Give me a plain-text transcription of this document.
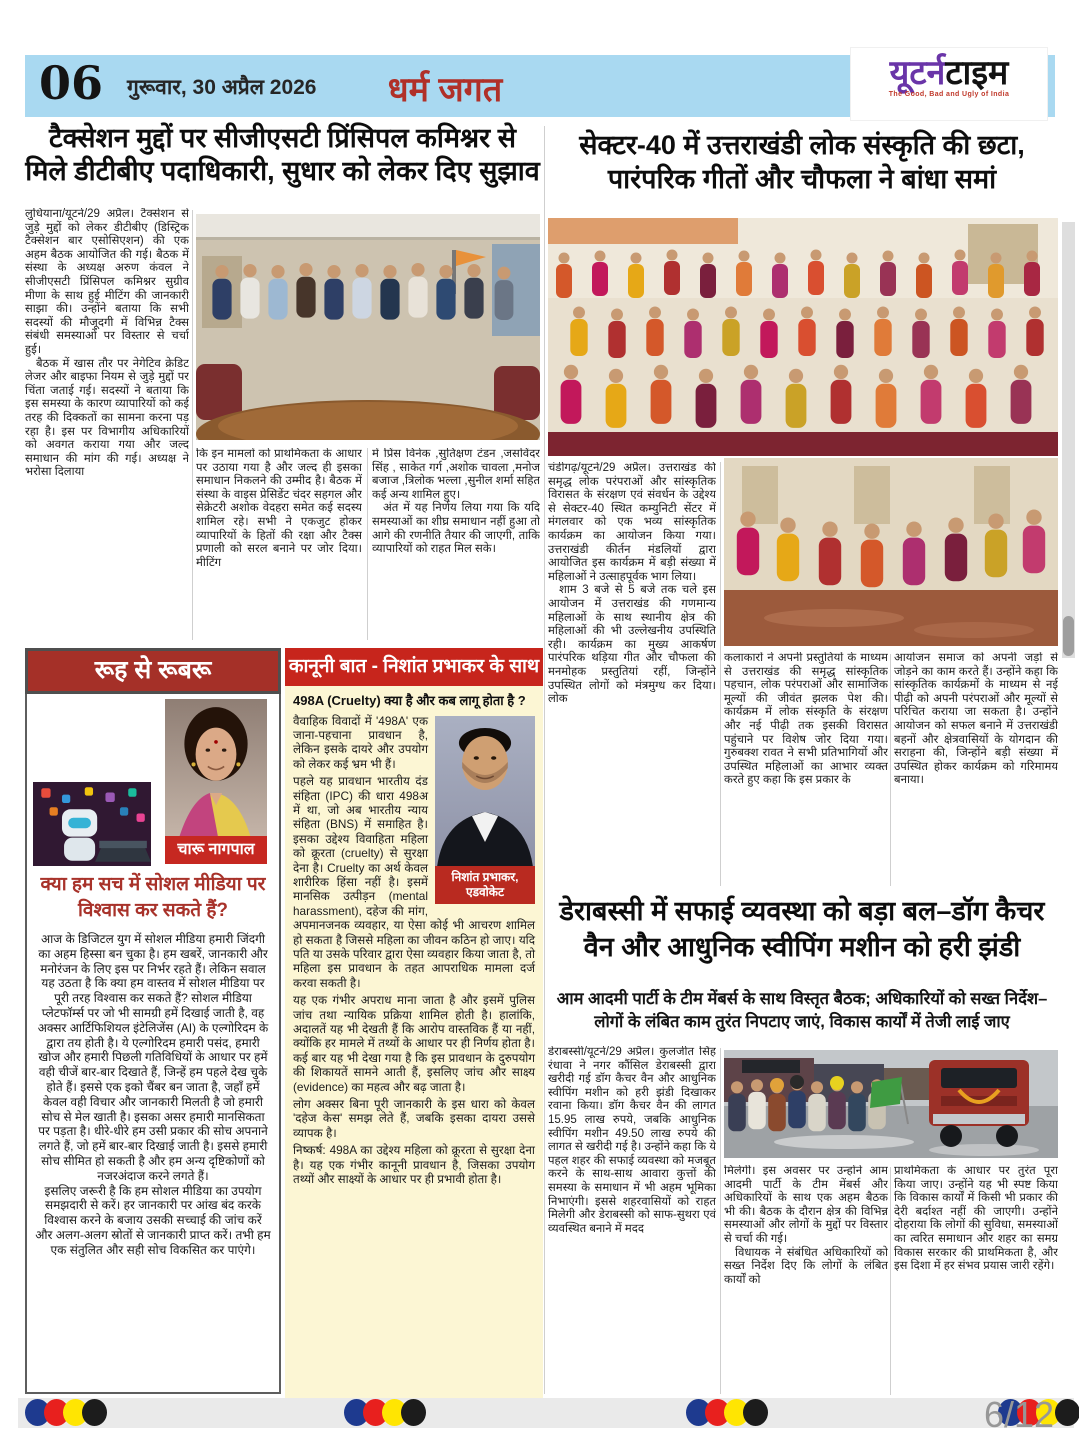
06 गुरूवार, 30 अप्रैल 2026	धर्म जगत	यूटर्नटाइम
The Good, Bad and Ugly of India
टैक्सेशन मुद्दों पर सीजीएसटी प्रिंसिपल कमिश्नर से मिले डीटीबीए पदाधिकारी, सुधार को लेकर दिए सुझाव

लुधियाना/यूटर्न/29 अप्रैल। टैक्सेशन से जुड़े मुद्दों को लेकर डीटीबीए (डिस्ट्रिक टैक्सेशन बार एसोसिएशन) की एक अहम बैठक आयोजित की गई। बैठक में संस्था के अध्यक्ष अरुण कंवल ने सीजीएसटी प्रिंसिपल कमिश्नर सुग्रीव मीणा के साथ हुई मीटिंग की जानकारी साझा की। उन्होंने बताया कि सभी सदस्यों की मौजूदगी में विभिन्न टैक्स संबंधी समस्याओं पर विस्तार से चर्चा हुई।

बैठक में खास तौर पर नेगेटिव क्रेडिट लेजर और बाइफा नियम से जुड़े मुद्दों पर चिंता जताई गई। सदस्यों ने बताया कि इस समस्या के कारण व्यापारियों को कई तरह की दिक्कतों का सामना करना पड़ रहा है। इस पर विभागीय अधिकारियों को अवगत कराया गया और जल्द समाधान की मांग की गई। अध्यक्ष ने भरोसा दिलाया

कि इन मामलों को प्राथमिकता के आधार पर उठाया गया है और जल्द ही इसका समाधान निकलने की उम्मीद है। बैठक में संस्था के वाइस प्रेसिडेंट चंदर सहगल और सेक्रेटरी अशोक वेदहरा समेत कई सदस्य शामिल रहे। सभी ने एकजुट होकर व्यापारियों के हितों की रक्षा और टैक्स प्रणाली को सरल बनाने पर जोर दिया। मीटिंग

में प्रिंस विनेक ,सुतिक्षण टंडन ,जसविंदर सिंह , साकेत गर्ग ,अशोक चावला ,मनोज बजाज ,त्रिलोक भल्ला ,सुनील शर्मा सहित कई अन्य शामिल हुए।

अंत में यह निर्णय लिया गया कि यदि समस्याओं का शीघ्र समाधान नहीं हुआ तो आगे की रणनीति तैयार की जाएगी, ताकि व्यापारियों को राहत मिल सके।

सेक्टर-40 में उत्तराखंडी लोक संस्कृति की छटा, पारंपरिक गीतों और चौफला ने बांधा समां

चंडीगढ़/यूटर्न/29 अप्रैल। उत्तराखंड की समृद्ध लोक परंपराओं और सांस्कृतिक विरासत के संरक्षण एवं संवर्धन के उद्देश्य से सेक्टर-40 स्थित कम्युनिटी सेंटर में मंगलवार को एक भव्य सांस्कृतिक कार्यक्रम का आयोजन किया गया। उत्तराखंडी कीर्तन मंडलियों द्वारा आयोजित इस कार्यक्रम में बड़ी संख्या में महिलाओं ने उत्साहपूर्वक भाग लिया।

शाम 3 बजे से 5 बजे तक चले इस आयोजन में उत्तराखंड की गणमान्य महिलाओं के साथ स्थानीय क्षेत्र की महिलाओं की भी उल्लेखनीय उपस्थिति रही। कार्यक्रम का मुख्य आकर्षण पारंपरिक थड़िया गीत और चौफला की मनमोहक प्रस्तुतियां रहीं, जिन्होंने उपस्थित लोगों को मंत्रमुग्ध कर दिया। लोक

कलाकारों ने अपनी प्रस्तुतियों के माध्यम से उत्तराखंड की समृद्ध सांस्कृतिक पहचान, लोक परंपराओं और सामाजिक मूल्यों की जीवंत झलक पेश की। कार्यक्रम में लोक संस्कृति के संरक्षण और नई पीढ़ी तक इसकी विरासत पहुंचाने पर विशेष जोर दिया गया। गुरुबक्श रावत ने सभी प्रतिभागियों और उपस्थित महिलाओं का आभार व्यक्त करते हुए कहा कि इस प्रकार के

आयोजन समाज को अपनी जड़ों से जोड़ने का काम करते हैं। उन्होंने कहा कि सांस्कृतिक कार्यक्रमों के माध्यम से नई पीढ़ी को अपनी परंपराओं और मूल्यों से परिचित कराया जा सकता है। उन्होंने आयोजन को सफल बनाने में उत्तराखंडी बहनों और क्षेत्रवासियों के योगदान की सराहना की, जिन्होंने बड़ी संख्या में उपस्थित होकर कार्यक्रम को गरिमामय बनाया।

रूह से रूबरू
चारू नागपाल
क्या हम सच में सोशल मीडिया पर विश्वास कर सकते हैं?

आज के डिजिटल युग में सोशल मीडिया हमारी जिंदगी का अहम हिस्सा बन चुका है। हम खबरें, जानकारी और मनोरंजन के लिए इस पर निर्भर रहते हैं। लेकिन सवाल यह उठता है कि क्या हम वास्तव में सोशल मीडिया पर पूरी तरह विश्वास कर सकते हैं? सोशल मीडिया प्लेटफॉर्म्स पर जो भी सामग्री हमें दिखाई जाती है, वह अक्सर आर्टिफिशियल इंटेलिजेंस (AI) के एल्गोरिदम के द्वारा तय होती है। ये एल्गोरिदम हमारी पसंद, हमारी खोज और हमारी पिछली गतिविधियों के आधार पर हमें वही चीजें बार-बार दिखाते हैं, जिन्हें हम पहले देख चुके होते हैं। इससे एक इको चैंबर बन जाता है, जहाँ हमें केवल वही विचार और जानकारी मिलती है जो हमारी सोच से मेल खाती है। इसका असर हमारी मानसिकता पर पड़ता है। धीरे-धीरे हम उसी प्रकार की सोच अपनाने लगते हैं, जो हमें बार-बार दिखाई जाती है। इससे हमारी सोच सीमित हो सकती है और हम अन्य दृष्टिकोणों को नजरअंदाज करने लगते हैं।

इसलिए जरूरी है कि हम सोशल मीडिया का उपयोग समझदारी से करें। हर जानकारी पर आंख बंद करके विश्वास करने के बजाय उसकी सच्चाई की जांच करें और अलग-अलग स्रोतों से जानकारी प्राप्त करें। तभी हम एक संतुलित और सही सोच विकसित कर पाएंगे।

कानूनी बात - निशांत प्रभाकर के साथ
498A (Cruelty) क्या है और कब लागू होता है ?
निशांत प्रभाकर, एडवोकेट

वैवाहिक विवादों में '498A' एक जाना-पहचाना प्रावधान है, लेकिन इसके दायरे और उपयोग को लेकर कई भ्रम भी हैं।

पहले यह प्रावधान भारतीय दंड संहिता (IPC) की धारा 498अ में था, जो अब भारतीय न्याय संहिता (BNS) में समाहित है। इसका उद्देश्य विवाहिता महिला को क्रूरता (cruelty) से सुरक्षा देना है। Cruelty का अर्थ केवल शारीरिक हिंसा नहीं है। इसमें मानसिक उत्पीड़न (mental harassment), दहेज की मांग, अपमानजनक व्यवहार, या ऐसा कोई भी आचरण शामिल हो सकता है जिससे महिला का जीवन कठिन हो जाए। यदि पति या उसके परिवार द्वारा ऐसा व्यवहार किया जाता है, तो महिला इस प्रावधान के तहत आपराधिक मामला दर्ज करवा सकती है।

यह एक गंभीर अपराध माना जाता है और इसमें पुलिस जांच तथा न्यायिक प्रक्रिया शामिल होती है। हालांकि, अदालतें यह भी देखती हैं कि आरोप वास्तविक हैं या नहीं, क्योंकि हर मामले में तथ्यों के आधार पर ही निर्णय होता है। कई बार यह भी देखा गया है कि इस प्रावधान के दुरुपयोग की शिकायतें सामने आती हैं, इसलिए जांच और साक्ष्य (evidence) का महत्व और बढ़ जाता है।

लोग अक्सर बिना पूरी जानकारी के इस धारा को केवल 'दहेज केस' समझ लेते हैं, जबकि इसका दायरा उससे व्यापक है।

निष्कर्ष: 498A का उद्देश्य महिला को क्रूरता से सुरक्षा देना है। यह एक गंभीर कानूनी प्रावधान है, जिसका उपयोग तथ्यों और साक्ष्यों के आधार पर ही प्रभावी होता है।

डेराबस्सी में सफाई व्यवस्था को बड़ा बल–डॉग कैचर वैन और आधुनिक स्वीपिंग मशीन को हरी झंडी
आम आदमी पार्टी के टीम मेंबर्स के साथ विस्तृत बैठक; अधिकारियों को सख्त निर्देश– लोगों के लंबित काम तुरंत निपटाए जाएं, विकास कार्यों में तेजी लाई जाए

डेराबस्सी/यूटर्न/29 अप्रैल। कुलजीत सिंह रंधावा ने नगर कौंसिल डेराबस्सी द्वारा खरीदी गई डॉग कैचर वैन और आधुनिक स्वीपिंग मशीन को हरी झंडी दिखाकर रवाना किया। डॉग कैचर वैन की लागत 15.95 लाख रुपये, जबकि आधुनिक स्वीपिंग मशीन 49.50 लाख रुपये की लागत से खरीदी गई है। उन्होंने कहा कि ये पहल शहर की सफाई व्यवस्था को मजबूत करने के साथ-साथ आवारा कुत्तों की समस्या के समाधान में भी अहम भूमिका निभाएंगी। इससे शहरवासियों को राहत मिलेगी और डेराबस्सी को साफ-सुथरा एवं व्यवस्थित बनाने में मदद

मिलेगी। इस अवसर पर उन्होंने आम आदमी पार्टी के टीम मेंबर्स और अधिकारियों के साथ एक अहम बैठक भी की। बैठक के दौरान क्षेत्र की विभिन्न समस्याओं और लोगों के मुद्दों पर विस्तार से चर्चा की गई।

विधायक ने संबंधित अधिकारियों को सख्त निर्देश दिए कि लोगों के लंबित कार्यों को

प्राथमिकता के आधार पर तुरंत पूरा किया जाए। उन्होंने यह भी स्पष्ट किया कि विकास कार्यों में किसी भी प्रकार की देरी बर्दाश्त नहीं की जाएगी। उन्होंने दोहराया कि लोगों की सुविधा, समस्याओं का त्वरित समाधान और शहर का समग्र विकास सरकार की प्राथमिकता है, और इस दिशा में हर संभव प्रयास जारी रहेंगे।

6/12
